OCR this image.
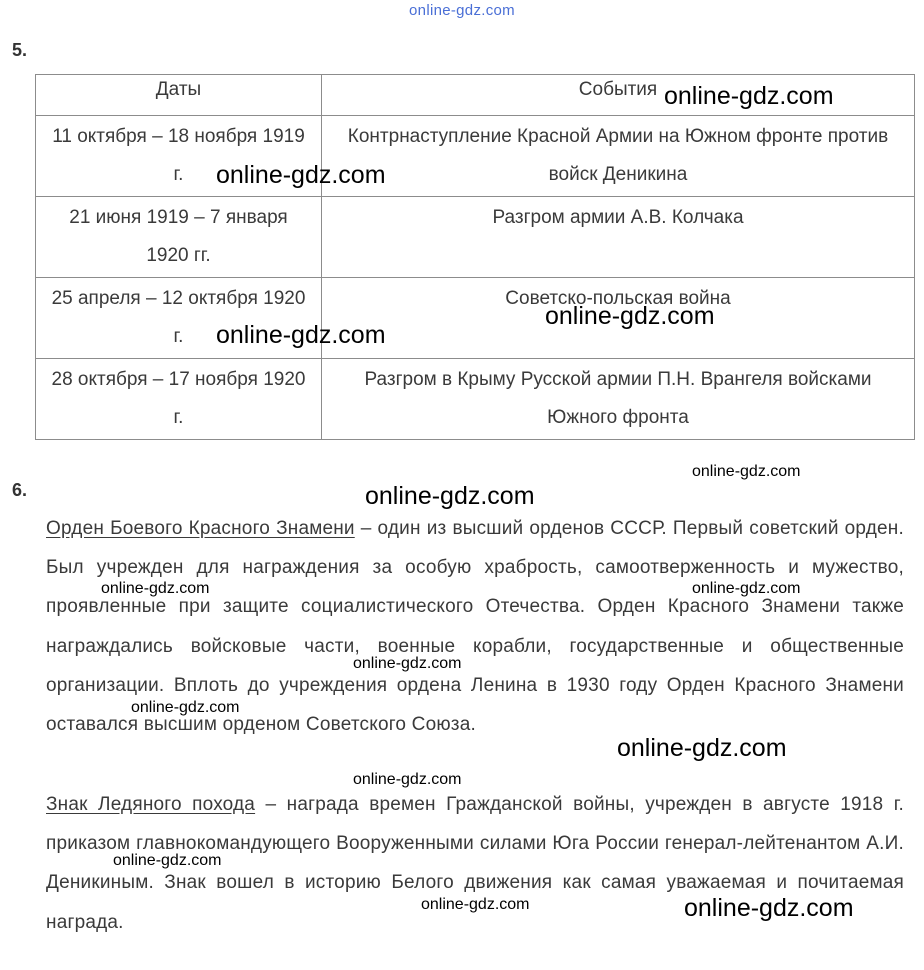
online-gdz.com
5.
Даты	События
11 октября – 18 ноября 1919 г.	Контрнаступление Красной Армии на Южном фронте против войск Деникина
21 июня 1919 – 7 января 1920 гг.	Разгром армии А.В. Колчака
25 апреля – 12 октября 1920 г.	Советско-польская война
28 октября – 17 ноября 1920 г.	Разгром в Крыму Русской армии П.Н. Врангеля войсками Южного фронта
6.
Орден Боевого Красного Знамени – один из высший орденов СССР. Первый советский орден. Был учрежден для награждения за особую храбрость, самоотверженность и мужество, проявленные при защите социалистического Отечества. Орден Красного Знамени также награждались войсковые части, военные корабли, государственные и общественные организации. Вплоть до учреждения ордена Ленина в 1930 году Орден Красного Знамени оставался высшим орденом Советского Союза.
Знак Ледяного похода – награда времен Гражданской войны, учрежден в августе 1918 г. приказом главнокомандующего Вооруженными силами Юга России генерал-лейтенантом А.И. Деникиным. Знак вошел в историю Белого движения как самая уважаемая и почитаемая награда.
online-gdz.com
online-gdz.com
online-gdz.com
online-gdz.com
online-gdz.com
online-gdz.com
online-gdz.com
online-gdz.com
online-gdz.com	online-gdz.com
online-gdz.com
online-gdz.com
online-gdz.com
online-gdz.com
online-gdz.com
